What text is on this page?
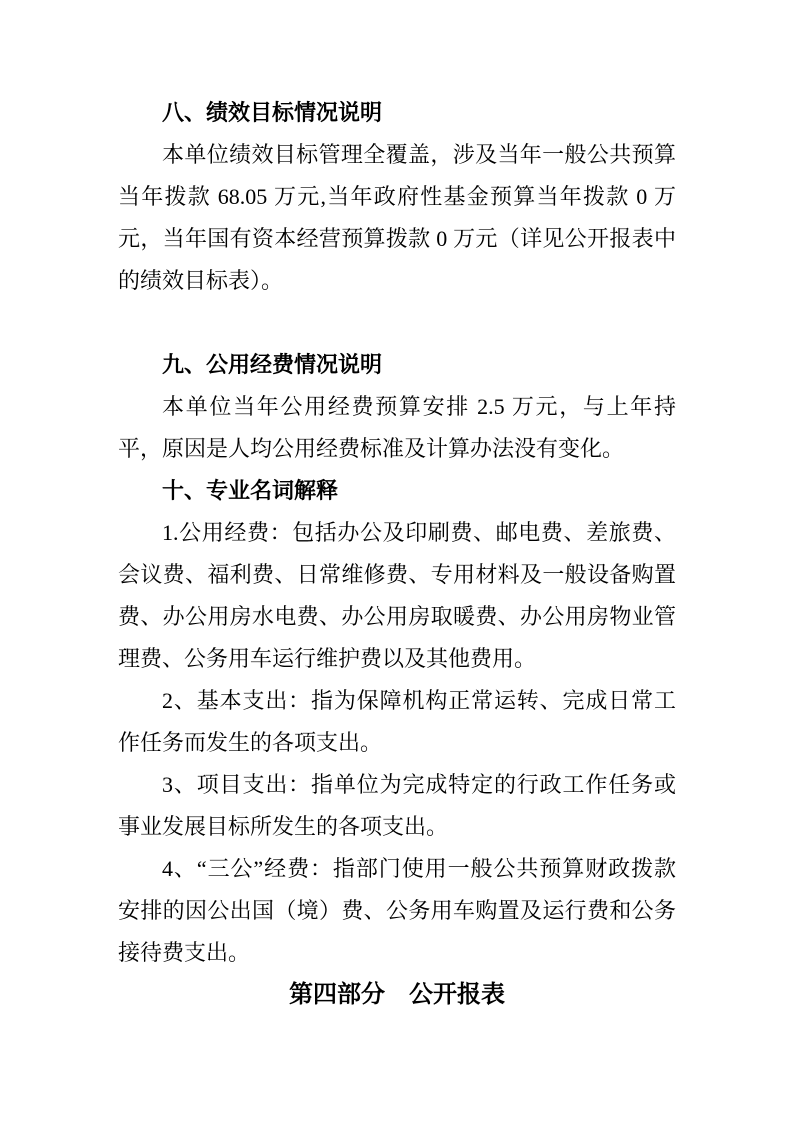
八、绩效目标情况说明

本单位绩效目标管理全覆盖，涉及当年一般公共预算当年拨款 68.05 万元,当年政府性基金预算当年拨款 0 万元，当年国有资本经营预算拨款 0 万元（详见公开报表中的绩效目标表）。

九、公用经费情况说明

本单位当年公用经费预算安排 2.5 万元，与上年持平，原因是人均公用经费标准及计算办法没有变化。

十、专业名词解释

1.公用经费：包括办公及印刷费、邮电费、差旅费、会议费、福利费、日常维修费、专用材料及一般设备购置费、办公用房水电费、办公用房取暖费、办公用房物业管理费、公务用车运行维护费以及其他费用。

2、基本支出：指为保障机构正常运转、完成日常工作任务而发生的各项支出。

3、项目支出：指单位为完成特定的行政工作任务或事业发展目标所发生的各项支出。

4、“三公”经费：指部门使用一般公共预算财政拨款安排的因公出国（境）费、公务用车购置及运行费和公务接待费支出。

第四部分　公开报表
